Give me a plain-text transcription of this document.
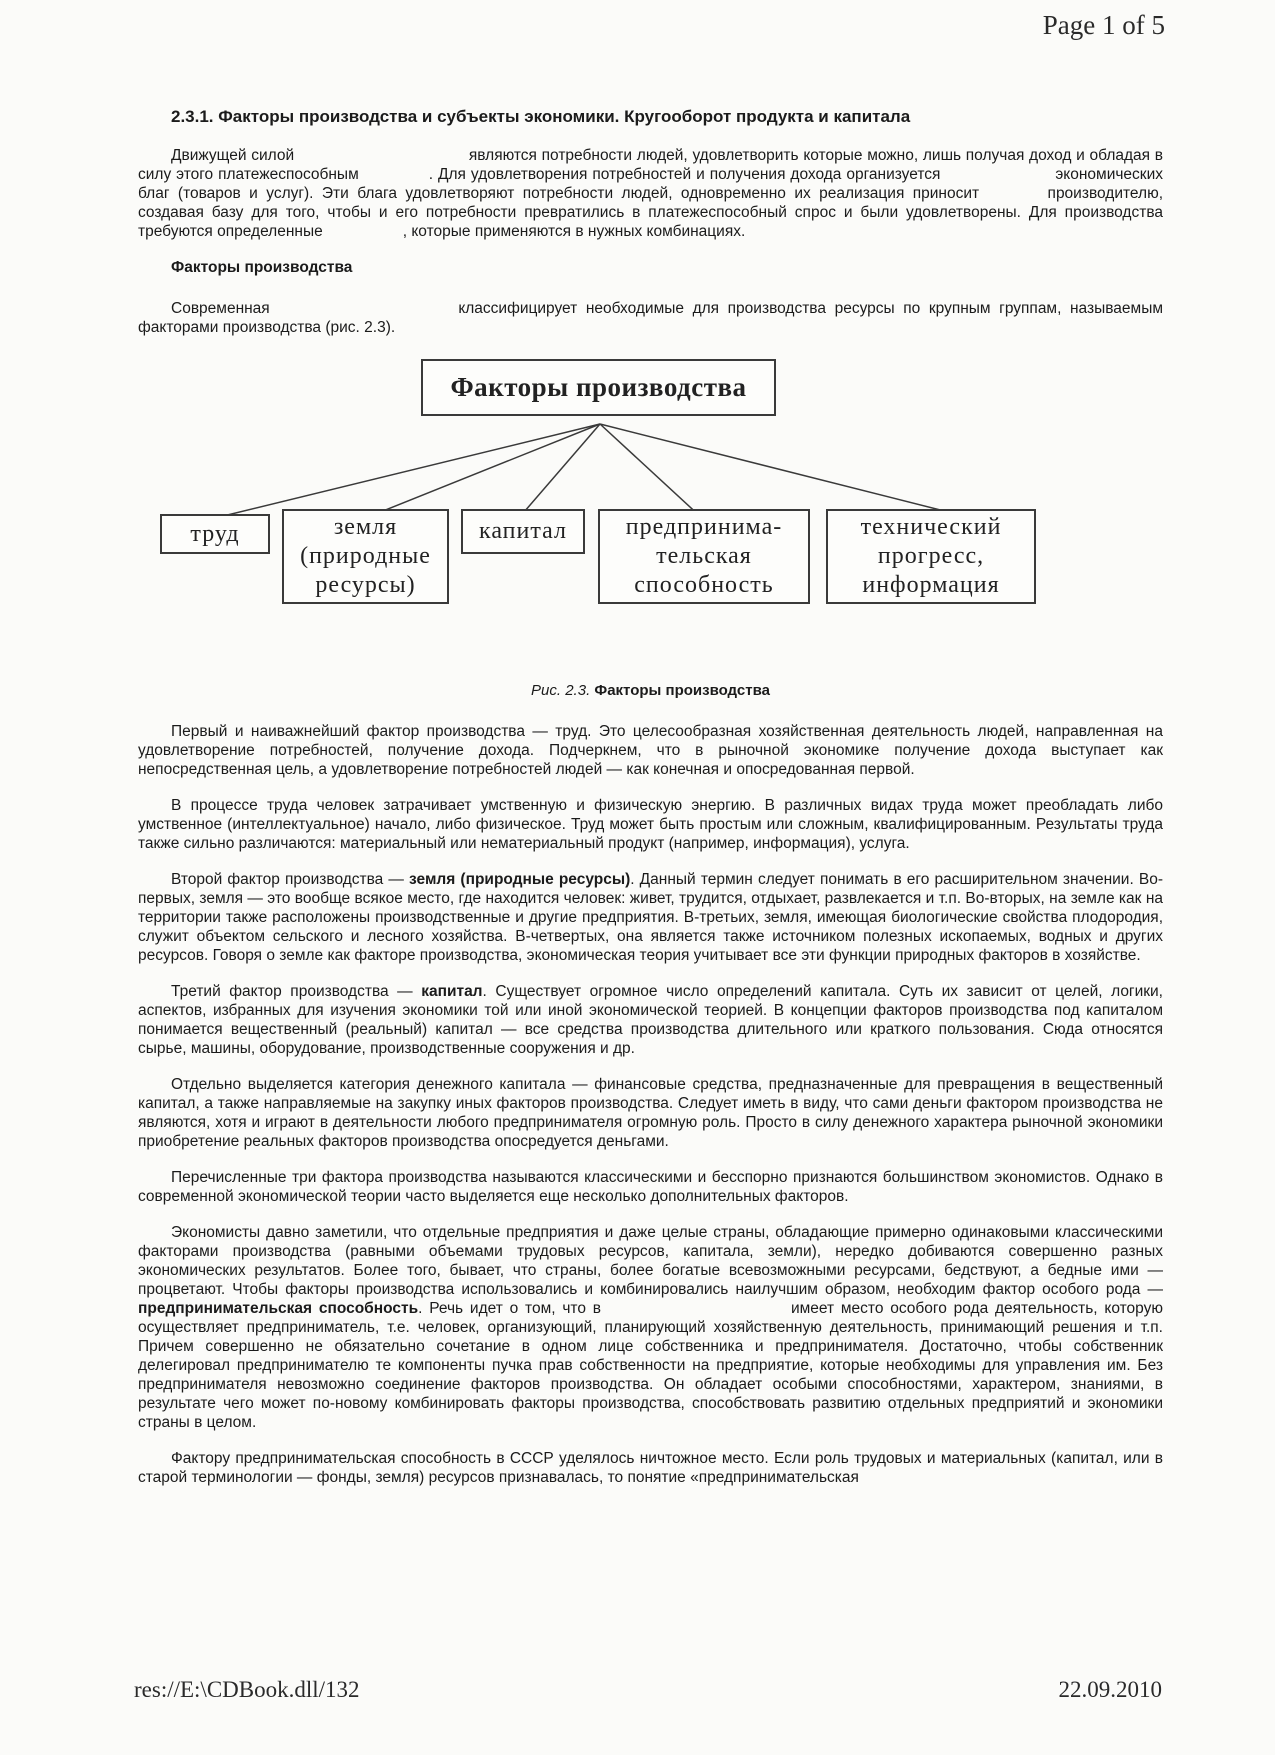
Page 1 of 5
2.3.1. Факторы производства и субъекты экономики. Кругооборот продукта и капитала

Движущей силой	являются потребности людей, удовлетворить которые можно, лишь получая доход и обладая в силу этого платежеспособным	. Для удовлетворения потребностей и получения дохода организуется	экономических благ (товаров и услуг). Эти блага удовлетворяют потребности людей, одновременно их реализация приносит	производителю, создавая базу для того, чтобы и его потребности превратились в платежеспособный спрос и были удовлетворены. Для производства требуются определенные	, которые применяются в нужных комбинациях.

Факторы производства

Современная	классифицирует необходимые для производства ресурсы по крупным группам, называемым факторами производства (рис. 2.3).

Факторы производства
труд	земля
(природные
ресурсы)
капитал предпринима-
тельская
способность
технический
прогресс,
информация
Рис. 2.3. Факторы производства

Первый и наиважнейший фактор производства — труд. Это целесообразная хозяйственная деятельность людей, направленная на удовлетворение потребностей, получение дохода. Подчеркнем, что в рыночной экономике получение дохода выступает как непосредственная цель, а удовлетворение потребностей людей — как конечная и опосредованная первой.

В процессе труда человек затрачивает умственную и физическую энергию. В различных видах труда может преобладать либо умственное (интеллектуальное) начало, либо физическое. Труд может быть простым или сложным, квалифицированным. Результаты труда также сильно различаются: материальный или нематериальный продукт (например, информация), услуга.

Второй фактор производства — земля (природные ресурсы). Данный термин следует понимать в его расширительном значении. Во-первых, земля — это вообще всякое место, где находится человек: живет, трудится, отдыхает, развлекается и т.п. Во-вторых, на земле как на территории также расположены производственные и другие предприятия. В-третьих, земля, имеющая биологические свойства плодородия, служит объектом сельского и лесного хозяйства. В-четвертых, она является также источником полезных ископаемых, водных и других ресурсов. Говоря о земле как факторе производства, экономическая теория учитывает все эти функции природных факторов в хозяйстве.

Третий фактор производства — капитал. Существует огромное число определений капитала. Суть их зависит от целей, логики, аспектов, избранных для изучения экономики той или иной экономической теорией. В концепции факторов производства под капиталом понимается вещественный (реальный) капитал — все средства производства длительного или краткого пользования. Сюда относятся сырье, машины, оборудование, производственные сооружения и др.

Отдельно выделяется категория денежного капитала — финансовые средства, предназначенные для превращения в вещественный капитал, а также направляемые на закупку иных факторов производства. Следует иметь в виду, что сами деньги фактором производства не являются, хотя и играют в деятельности любого предпринимателя огромную роль. Просто в силу денежного характера рыночной экономики приобретение реальных факторов производства опосредуется деньгами.

Перечисленные три фактора производства называются классическими и бесспорно признаются большинством экономистов. Однако в современной экономической теории часто выделяется еще несколько дополнительных факторов.

Экономисты давно заметили, что отдельные предприятия и даже целые страны, обладающие примерно одинаковыми классическими факторами производства (равными объемами трудовых ресурсов, капитала, земли), нередко добиваются совершенно разных экономических результатов. Более того, бывает, что страны, более богатые всевозможными ресурсами, бедствуют, а бедные ими — процветают. Чтобы факторы производства использовались и комбинировались наилучшим образом, необходим фактор особого рода — предпринимательская способность. Речь идет о том, что в	имеет место особого рода деятельность, которую осуществляет предприниматель, т.е. человек, организующий, планирующий хозяйственную деятельность, принимающий решения и т.п. Причем совершенно не обязательно сочетание в одном лице собственника и предпринимателя. Достаточно, чтобы собственник делегировал предпринимателю те компоненты пучка прав собственности на предприятие, которые необходимы для управления им. Без предпринимателя невозможно соединение факторов производства. Он обладает особыми способностями, характером, знаниями, в результате чего может по-новому комбинировать факторы производства, способствовать развитию отдельных предприятий и экономики страны в целом.

Фактору предпринимательская способность в СССР уделялось ничтожное место. Если роль трудовых и материальных (капитал, или в старой терминологии — фонды, земля) ресурсов признавалась, то понятие «предпринимательская

res://E:\CDBook.dll/132	22.09.2010
